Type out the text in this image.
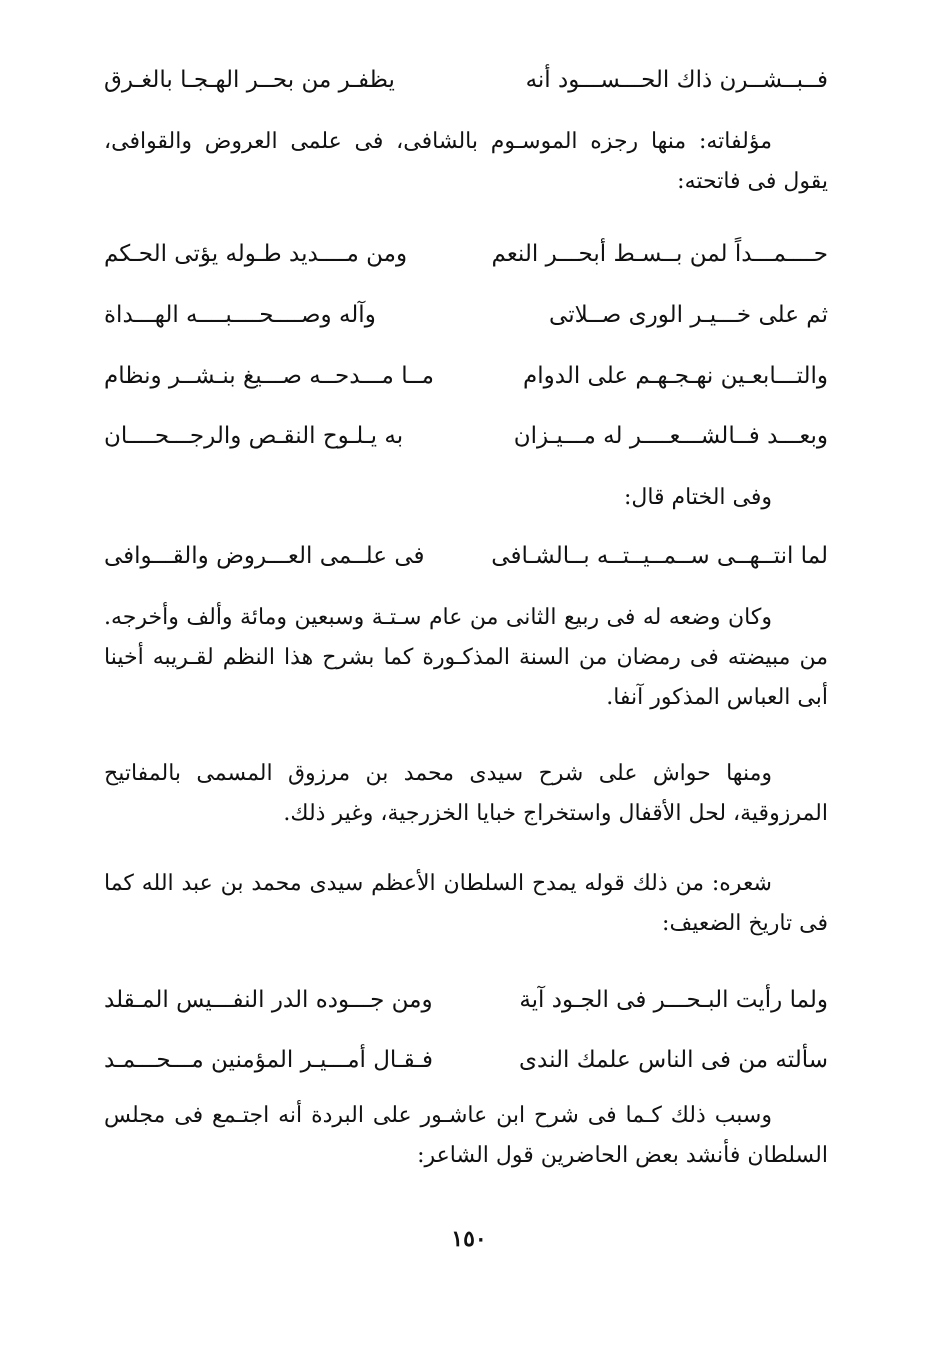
فــبــشــرن ذاك الحـــســـود أنه
يظفـر من بحــر الهـجـا بالغـرق

مؤلفاته: منها رجزه الموسـوم بالشافى، فى علمى العروض والقوافى، يقول فى فاتحته:

حــــمـــداً لمن بــسـط أبحـــر النعم
ومن مــــديد طـوله يؤتى الحـكم
ثم على خـــيـر الورى صــلاتى
وآله وصــــحــــبــــه الهـــداة
والتـــابعـين نهـجـهـم على الدوام
مــا مـــدحــه صـــيغ بنـشــر ونظام
وبعـــد فــالشـــعــــر له مـــيـزان
به يـلـوح النقـص والرجـــحــــان

وفى الختام قال:

لما انتــهــى ســمــيــتــه بــالشـافى
فى علــمى العـــروض والقـــوافى

وكان وضعه له فى ربيع الثانى من عام سـتـة وسبعين ومائة وألف وأخرجه. من مبيضته فى رمضان من السنة المذكـورة كما بشرح هذا النظم لقـريبه أخينا أبى العباس المذكور آنفا.

ومنها حواش على شرح سيدى محمد بن مرزوق المسمى بالمفاتيح المرزوقية، لحل الأقفال واستخراج خبايا الخزرجية، وغير ذلك.

شعره: من ذلك قوله يمدح السلطان الأعظم سيدى محمد بن عبد الله كما فى تاريخ الضعيف:

ولما رأيت البـحـــر فى الجـود آية
ومن جـــوده الدر النفـــيس المـقلد
سألته من فى الناس علمك الندى
فـقـال أمـــيـر المؤمنين مـــحـــمـد

وسبب ذلك كـما فى شرح ابن عاشـور على البردة أنه اجتـمع فى مجلس السلطان فأنشد بعض الحاضرين قول الشاعر:

١٥٠
